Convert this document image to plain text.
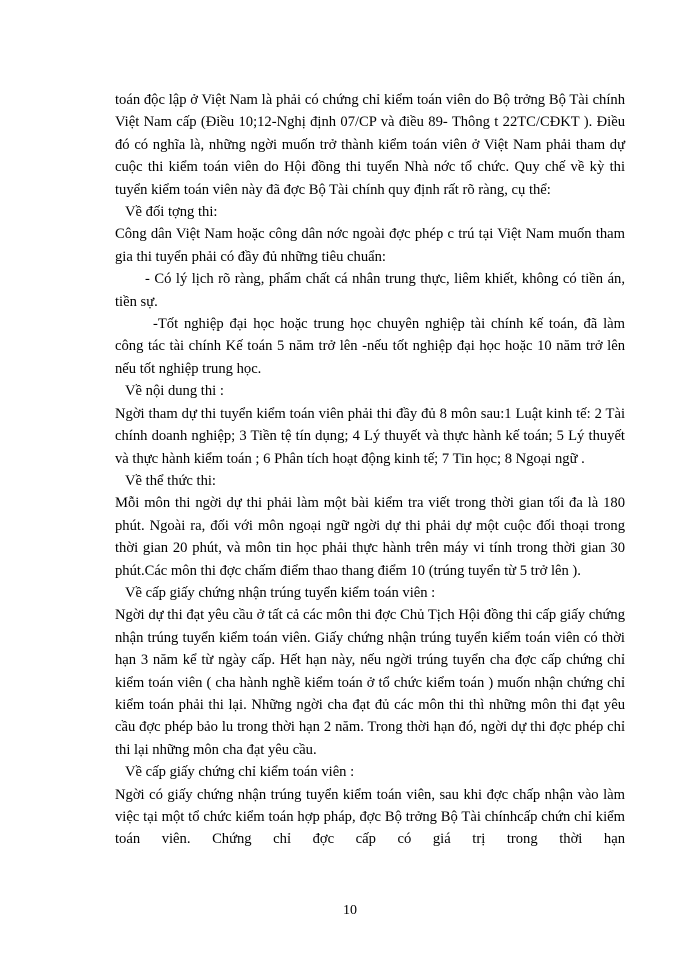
toán độc lập ở Việt Nam là phải có chứng chỉ kiểm toán viên do Bộ trởng Bộ Tài chính Việt Nam cấp (Điều 10;12-Nghị định 07/CP và điều 89- Thông t 22TC/CĐKT ). Điều đó có nghĩa là, những ngời muốn trở thành kiểm toán viên ở Việt Nam phải tham dự cuộc thi kiểm toán viên do Hội đồng thi tuyển Nhà nớc tổ chức. Quy chế về kỳ thi tuyển kiểm toán viên này đã đợc Bộ Tài chính quy định rất rõ ràng, cụ thể:

Về đối tợng thi:

Công dân Việt Nam hoặc công dân nớc ngoài đợc phép c trú tại Việt Nam muốn tham gia thi tuyển phải có đầy đủ những tiêu chuẩn:

- Có lý lịch rõ ràng, phẩm chất cá nhân trung thực, liêm khiết, không có tiền án, tiền sự.

-Tốt nghiệp đại học hoặc trung học chuyên nghiệp tài chính kế toán, đã làm công tác tài chính Kế toán 5 năm trở lên -nếu tốt nghiệp đại học hoặc 10 năm trở lên nếu tốt nghiệp trung học.

Về nội dung thi :

Ngời tham dự thi tuyển kiểm toán viên phải thi đầy đủ 8 môn sau:1 Luật kinh tế: 2 Tài chính doanh nghiệp; 3 Tiền tệ tín dụng; 4 Lý thuyết và thực hành kế toán; 5 Lý thuyết và thực hành kiểm toán ; 6 Phân tích hoạt động kinh tế; 7 Tin học; 8 Ngoại ngữ .

Về thể thức thi:

Mỗi môn thi ngời dự thi phải làm một bài kiểm tra viết trong thời gian tối đa là 180 phút. Ngoài ra, đối với môn ngoại ngữ ngời dự thi phải dự một cuộc đối thoại trong thời gian 20 phút, và môn tin học phải thực hành trên máy vi tính trong thời gian 30 phút.Các môn thi đợc chấm điểm thao thang điểm 10 (trúng tuyển từ 5 trở lên ).

Về cấp giấy chứng nhận trúng tuyển kiểm toán viên :

Ngời dự thi đạt yêu cầu ở tất cả các môn thi đợc Chủ Tịch Hội đồng thi cấp giấy chứng nhận trúng tuyển kiểm toán viên. Giấy chứng nhận trúng tuyển kiểm toán viên có thời hạn 3 năm kể từ ngày cấp. Hết hạn này, nếu ngời trúng tuyển cha đợc cấp chứng chỉ kiểm toán viên ( cha hành nghề kiểm toán ở tổ chức kiểm toán ) muốn nhận chứng chỉ kiểm toán phải thi lại. Những ngời cha đạt đủ các môn thi thì những môn thi đạt yêu cầu đợc phép bảo lu trong thời hạn 2 năm. Trong thời hạn đó, ngời dự thi đợc phép chỉ thi lại những môn cha đạt yêu cầu.

Về cấp giấy chứng chỉ kiểm toán viên :

Ngời có giấy chứng nhận trúng tuyển kiểm toán viên, sau khi đợc chấp nhận vào làm việc tại một tổ chức kiểm toán hợp pháp, đợc Bộ trởng Bộ Tài chínhcấp chứn chỉ kiểm toán viên. Chứng chỉ đợc cấp có giá trị trong thời hạn

10
